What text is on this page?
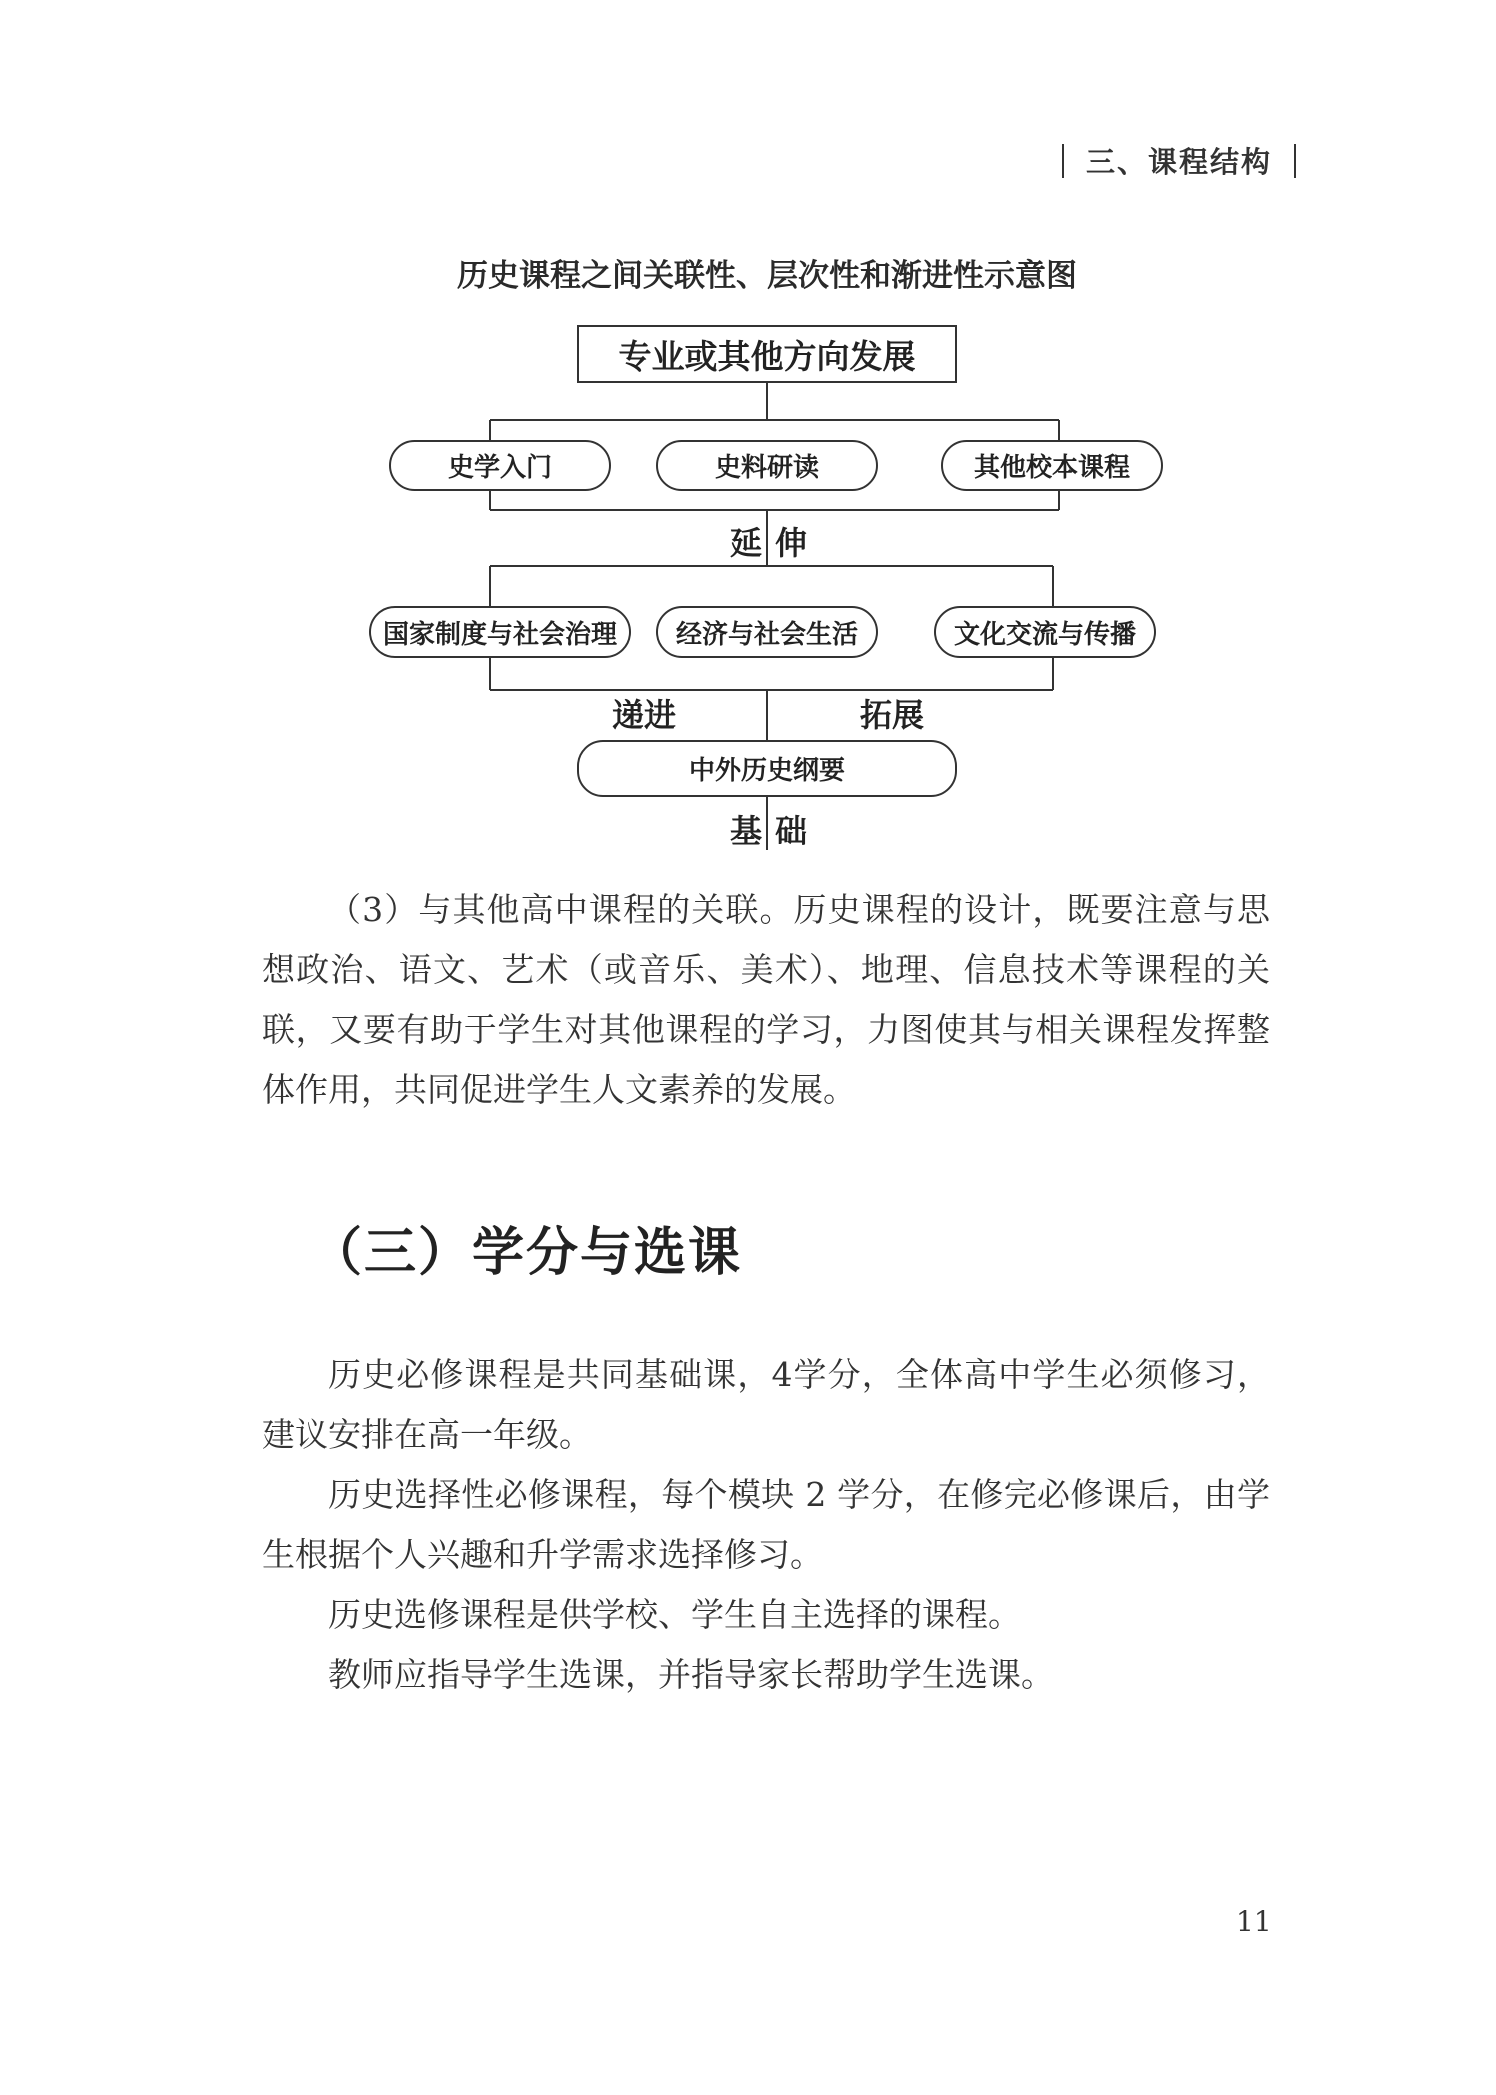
三、课程结构
历史课程之间关联性、层次性和渐进性示意图
专业或其他方向发展
史学入门	史料研读	其他校本课程
延 伸
国家制度与社会治理	经济与社会生活	文化交流与传播
递进	拓展
中外历史纲要
基 础

（3）与其他高中课程的关联。历史课程的设计，既要注意与思想政治、语文、艺术（或音乐、美术）、地理、信息技术等课程的关联，又要有助于学生对其他课程的学习，力图使其与相关课程发挥整体作用，共同促进学生人文素养的发展。

（三）学分与选课

历史必修课程是共同基础课，4学分，全体高中学生必须修习，建议安排在高一年级。

历史选择性必修课程，每个模块 2 学分，在修完必修课后，由学生根据个人兴趣和升学需求选择修习。

历史选修课程是供学校、学生自主选择的课程。

教师应指导学生选课，并指导家长帮助学生选课。

11
